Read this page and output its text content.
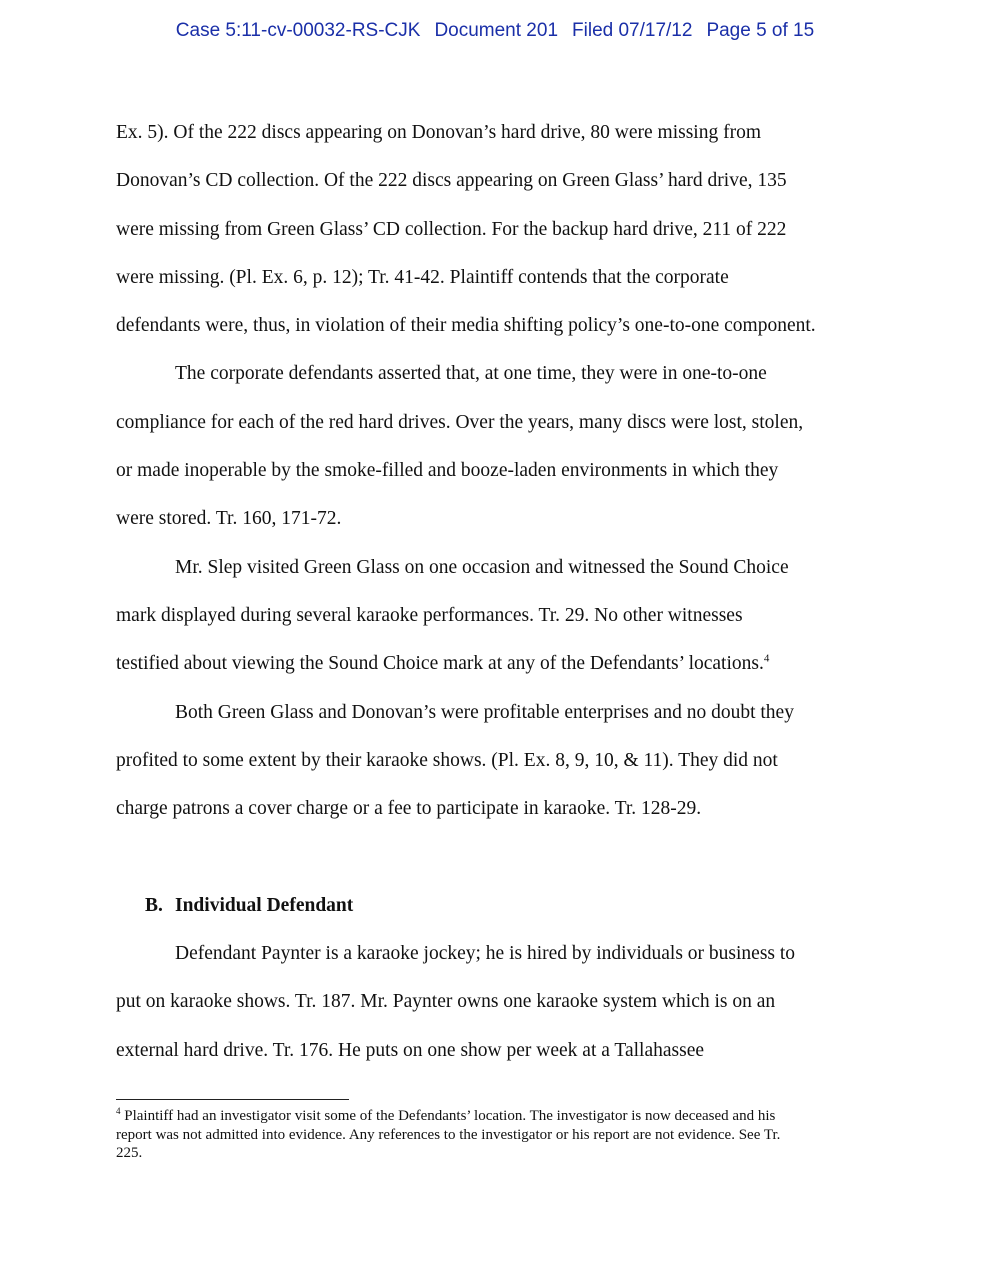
Case 5:11-cv-00032-RS-CJK Document 201 Filed 07/17/12 Page 5 of 15
Ex. 5). Of the 222 discs appearing on Donovan’s hard drive, 80 were missing from
Donovan’s CD collection. Of the 222 discs appearing on Green Glass’ hard drive, 135
were missing from Green Glass’ CD collection. For the backup hard drive, 211 of 222
were missing. (Pl. Ex. 6, p. 12); Tr. 41-42. Plaintiff contends that the corporate
defendants were, thus, in violation of their media shifting policy’s one-to-one component.
The corporate defendants asserted that, at one time, they were in one-to-one
compliance for each of the red hard drives. Over the years, many discs were lost, stolen,
or made inoperable by the smoke-filled and booze-laden environments in which they
were stored. Tr. 160, 171-72.
Mr. Slep visited Green Glass on one occasion and witnessed the Sound Choice
mark displayed during several karaoke performances. Tr. 29. No other witnesses
testified about viewing the Sound Choice mark at any of the Defendants’ locations.$^4$
Both Green Glass and Donovan’s were profitable enterprises and no doubt they
profited to some extent by their karaoke shows. (Pl. Ex. 8, 9, 10, & 11). They did not
charge patrons a cover charge or a fee to participate in karaoke. Tr. 128-29.
B. Individual Defendant
Defendant Paynter is a karaoke jockey; he is hired by individuals or business to
put on karaoke shows. Tr. 187. Mr. Paynter owns one karaoke system which is on an
external hard drive. Tr. 176. He puts on one show per week at a Tallahassee
$^4$ Plaintiff had an investigator visit some of the Defendants’ location. The investigator is now deceased and his
report was not admitted into evidence. Any references to the investigator or his report are not evidence. See Tr.
225.
